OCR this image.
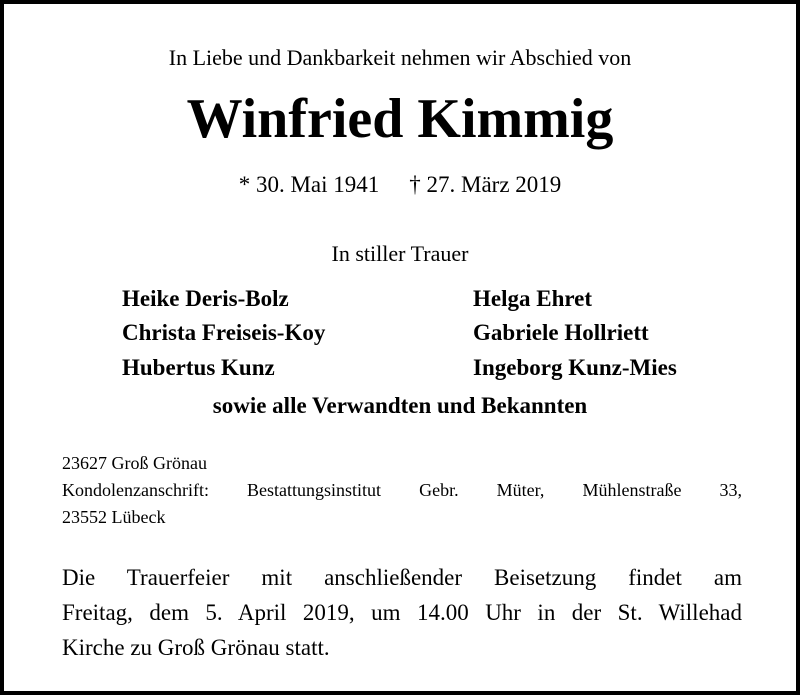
In Liebe und Dankbarkeit nehmen wir Abschied von
Winfried Kimmig
* 30. Mai 1941 † 27. März 2019
In stiller Trauer
Heike Deris-Bolz
Christa Freiseis-Koy
Hubertus Kunz
Helga Ehret
Gabriele Hollriett
Ingeborg Kunz-Mies
sowie alle Verwandten und Bekannten
23627 Groß Grönau
Kondolenzanschrift: Bestattungsinstitut Gebr. Müter, Mühlenstraße 33,
23552 Lübeck
Die Trauerfeier mit anschließender Beisetzung findet am
Freitag, dem 5. April 2019, um 14.00 Uhr in der St. Willehad
Kirche zu Groß Grönau statt.
